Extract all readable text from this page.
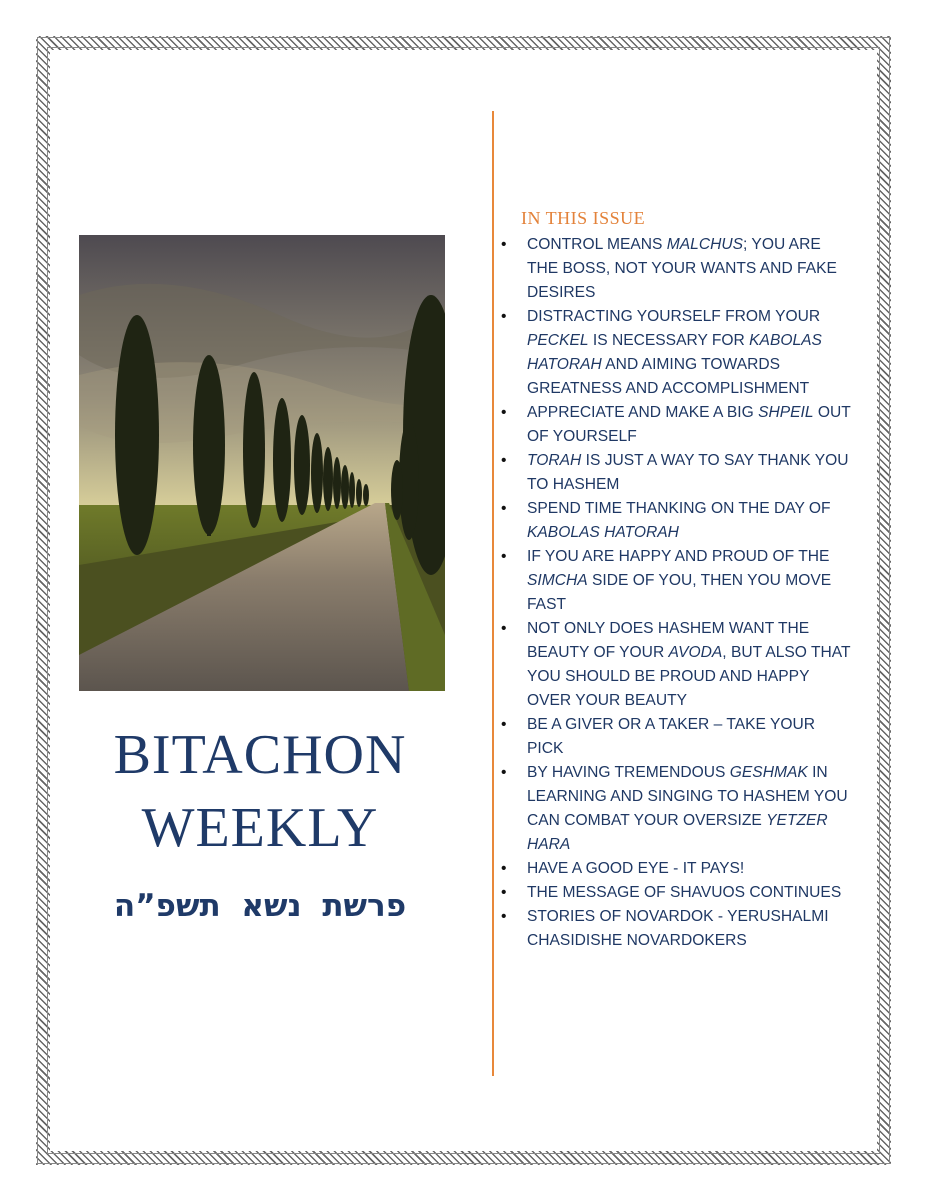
BITACHON
WEEKLY
פרשת נשא תשפ”ה
IN THIS ISSUE
• CONTROL MEANS MALCHUS; YOU ARE THE BOSS, NOT YOUR WANTS AND FAKE DESIRES
• DISTRACTING YOURSELF FROM YOUR PECKEL IS NECESSARY FOR KABOLAS HATORAH AND AIMING TOWARDS GREATNESS AND ACCOMPLISHMENT
• APPRECIATE AND MAKE A BIG SHPEIL OUT OF YOURSELF
• TORAH IS JUST A WAY TO SAY THANK YOU TO HASHEM
• SPEND TIME THANKING ON THE DAY OF KABOLAS HATORAH
• IF YOU ARE HAPPY AND PROUD OF THE SIMCHA SIDE OF YOU, THEN YOU MOVE FAST
• NOT ONLY DOES HASHEM WANT THE BEAUTY OF YOUR AVODA, BUT ALSO THAT YOU SHOULD BE PROUD AND HAPPY OVER YOUR BEAUTY
• BE A GIVER OR A TAKER – TAKE YOUR PICK
• BY HAVING TREMENDOUS GESHMAK IN LEARNING AND SINGING TO HASHEM YOU CAN COMBAT YOUR OVERSIZE YETZER HARA
• HAVE A GOOD EYE - IT PAYS!
• THE MESSAGE OF SHAVUOS CONTINUES
• STORIES OF NOVARDOK - YERUSHALMI CHASIDISHE NOVARDOKERS
